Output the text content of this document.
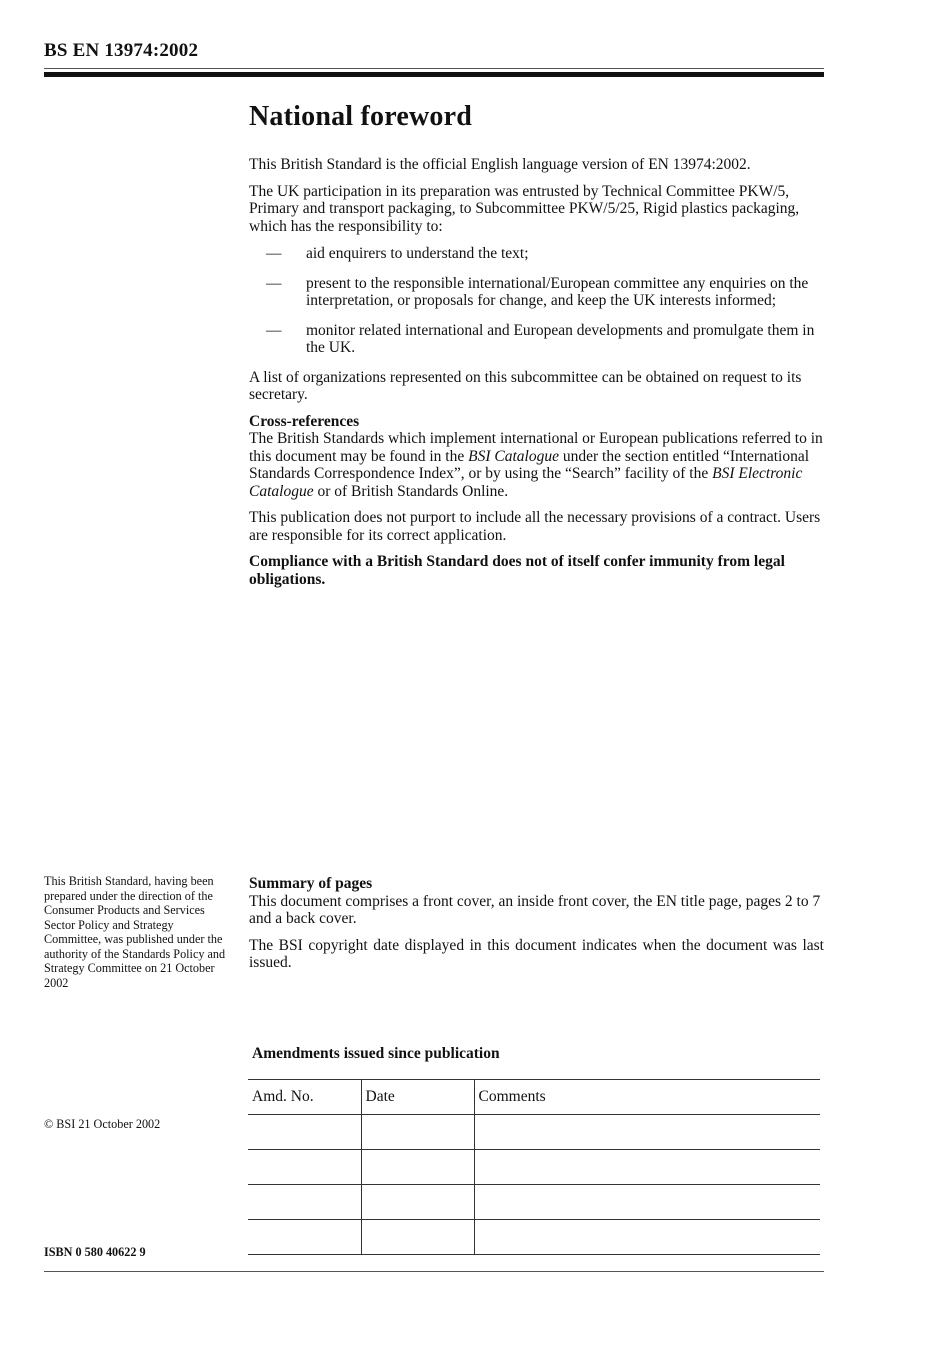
BS EN 13974:2002
National foreword

This British Standard is the official English language version of EN 13974:2002.

The UK participation in its preparation was entrusted by Technical Committee PKW/5, Primary and transport packaging, to Subcommittee PKW/5/25, Rigid plastics packaging, which has the responsibility to:

—	aid enquirers to understand the text;
—	present to the responsible international/European committee any enquiries on the interpretation, or proposals for change, and keep the UK interests informed;
—	monitor related international and European developments and promulgate them in the UK.

A list of organizations represented on this subcommittee can be obtained on request to its secretary.

Cross-references

The British Standards which implement international or European publications referred to in this document may be found in the BSI Catalogue under the section entitled “International Standards Correspondence Index”, or by using the “Search” facility of the BSI Electronic Catalogue or of British Standards Online.

This publication does not purport to include all the necessary provisions of a contract. Users are responsible for its correct application.

Compliance with a British Standard does not of itself confer immunity from legal obligations.

This British Standard, having been prepared under the direction of the Consumer Products and Services Sector Policy and Strategy Committee, was published under the authority of the Standards Policy and Strategy Committee on 21 October 2002

Summary of pages

This document comprises a front cover, an inside front cover, the EN title page, pages 2 to 7 and a back cover.

The BSI copyright date displayed in this document indicates when the document was last issued.

Amendments issued since publication
Amd. No.	Date	Comments

© BSI 21 October 2002
ISBN 0 580 40622 9
